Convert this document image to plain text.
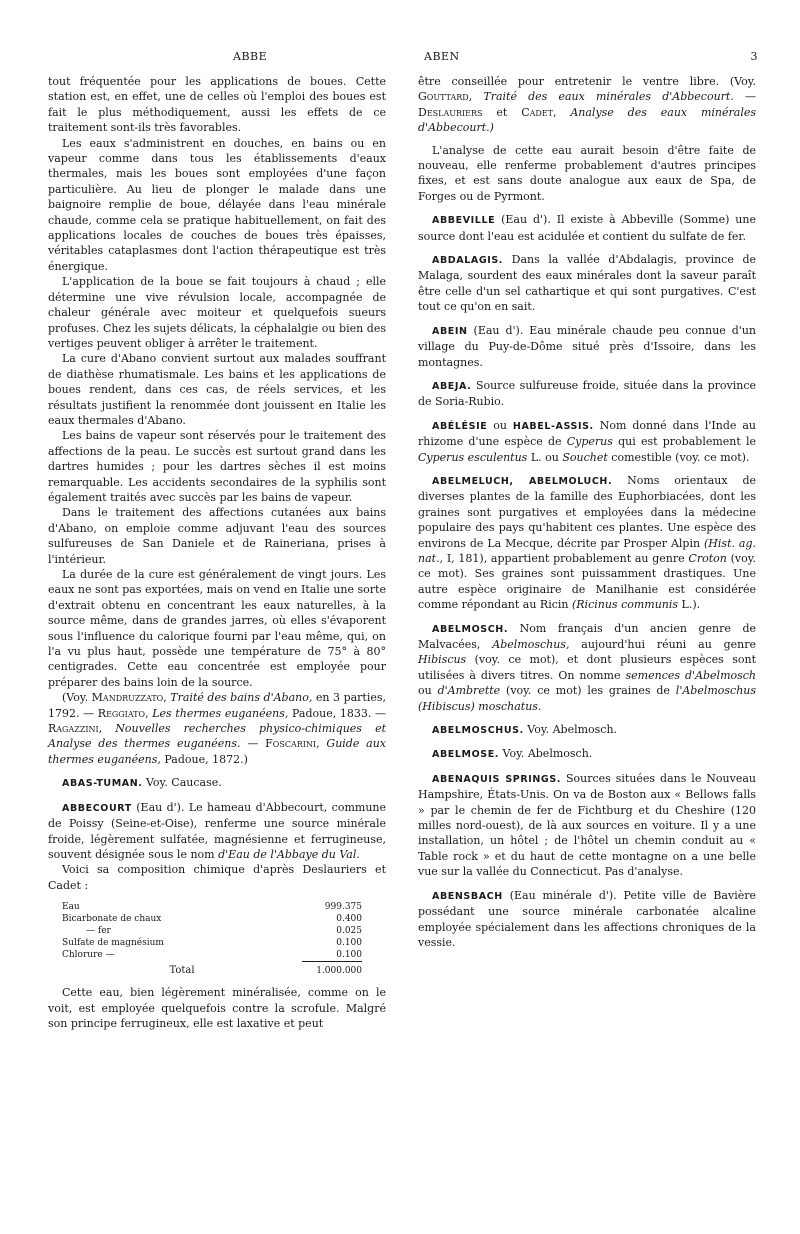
ABBE	ABEN	3

tout fréquentée pour les applications de boues. Cette station est, en effet, une de celles où l'emploi des boues est fait le plus méthodiquement, aussi les effets de ce traitement sont-ils très favorables.

Les eaux s'administrent en douches, en bains ou en vapeur comme dans tous les établissements d'eaux thermales, mais les boues sont employées d'une façon particulière. Au lieu de plonger le malade dans une baignoire remplie de boue, délayée dans l'eau minérale chaude, comme cela se pratique habituellement, on fait des applications locales de couches de boues très épaisses, véritables cataplasmes dont l'action thérapeutique est très énergique.

L'application de la boue se fait toujours à chaud ; elle détermine une vive révulsion locale, accompagnée de chaleur générale avec moiteur et quelquefois sueurs profuses. Chez les sujets délicats, la céphalalgie ou bien des vertiges peuvent obliger à arrêter le traitement.

La cure d'Abano convient surtout aux malades souffrant de diathèse rhumatismale. Les bains et les applications de boues rendent, dans ces cas, de réels services, et les résultats justifient la renommée dont jouissent en Italie les eaux thermales d'Abano.

Les bains de vapeur sont réservés pour le traitement des affections de la peau. Le succès est surtout grand dans les dartres humides ; pour les dartres sèches il est moins remarquable. Les accidents secondaires de la syphilis sont également traités avec succès par les bains de vapeur.

Dans le traitement des affections cutanées aux bains d'Abano, on emploie comme adjuvant l'eau des sources sulfureuses de San Daniele et de Raineriana, prises à l'intérieur.

La durée de la cure est généralement de vingt jours. Les eaux ne sont pas exportées, mais on vend en Italie une sorte d'extrait obtenu en concentrant les eaux naturelles, à la source même, dans de grandes jarres, où elles s'évaporent sous l'influence du calorique fourni par l'eau même, qui, on l'a vu plus haut, possède une température de 75° à 80° centigrades. Cette eau concentrée est employée pour préparer des bains loin de la source.

(Voy. Mandruzzato, Traité des bains d'Abano, en 3 parties, 1792. — Reggiato, Les thermes euganéens, Padoue, 1833. — Ragazzini, Nouvelles recherches physico-chimiques et Analyse des thermes euganéens. — Foscarini, Guide aux thermes euganéens, Padoue, 1872.)

ABAS-TUMAN. Voy. Caucase.

ABBECOURT (Eau d'). Le hameau d'Abbecourt, commune de Poissy (Seine-et-Oise), renferme une source minérale froide, légèrement sulfatée, magnésienne et ferrugineuse, souvent désignée sous le nom d'Eau de l'Abbaye du Val.

Voici sa composition chimique d'après Deslauriers et Cadet :

Eau	999.375
Bicarbonate de chaux	0.400
— fer	0.025
Sulfate de magnésium	0.100
Chlorure —	0.100
Total	1.000.000

Cette eau, bien légèrement minéralisée, comme on le voit, est employée quelquefois contre la scrofule. Malgré son principe ferrugineux, elle est laxative et peut

être conseillée pour entretenir le ventre libre. (Voy. Gouttard, Traité des eaux minérales d'Abbecourt. — Deslauriers et Cadet, Analyse des eaux minérales d'Abbecourt.)

L'analyse de cette eau aurait besoin d'être faite de nouveau, elle renferme probablement d'autres principes fixes, et est sans doute analogue aux eaux de Spa, de Forges ou de Pyrmont.

ABBEVILLE (Eau d'). Il existe à Abbeville (Somme) une source dont l'eau est acidulée et contient du sulfate de fer.

ABDALAGIS. Dans la vallée d'Abdalagis, province de Malaga, sourdent des eaux minérales dont la saveur paraît être celle d'un sel cathartique et qui sont purgatives. C'est tout ce qu'on en sait.

ABEIN (Eau d'). Eau minérale chaude peu connue d'un village du Puy-de-Dôme situé près d'Issoire, dans les montagnes.

ABEJA. Source sulfureuse froide, située dans la province de Soria-Rubio.

ABÉLÉSIE ou HABEL-ASSIS. Nom donné dans l'Inde au rhizome d'une espèce de Cyperus qui est probablement le Cyperus esculentus L. ou Souchet comestible (voy. ce mot).

ABELMELUCH, ABELMOLUCH. Noms orientaux de diverses plantes de la famille des Euphorbiacées, dont les graines sont purgatives et employées dans la médecine populaire des pays qu'habitent ces plantes. Une espèce des environs de La Mecque, décrite par Prosper Alpin (Hist. ag. nat., I, 181), appartient probablement au genre Croton (voy. ce mot). Ses graines sont puissamment drastiques. Une autre espèce originaire de Manilhanie est considérée comme répondant au Ricin (Ricinus communis L.).

ABELMOSCH. Nom français d'un ancien genre de Malvacées, Abelmoschus, aujourd'hui réuni au genre Hibiscus (voy. ce mot), et dont plusieurs espèces sont utilisées à divers titres. On nomme semences d'Abelmosch ou d'Ambrette (voy. ce mot) les graines de l'Abelmoschus (Hibiscus) moschatus.

ABELMOSCHUS. Voy. Abelmosch.

ABELMOSE. Voy. Abelmosch.

ABENAQUIS SPRINGS. Sources situées dans le Nouveau Hampshire, États-Unis. On va de Boston aux « Bellows falls » par le chemin de fer de Fichtburg et du Cheshire (120 milles nord-ouest), de là aux sources en voiture. Il y a une installation, un hôtel ; de l'hôtel un chemin conduit au « Table rock » et du haut de cette montagne on a une belle vue sur la vallée du Connecticut. Pas d'analyse.

ABENSBACH (Eau minérale d'). Petite ville de Bavière possédant une source minérale carbonatée alcaline employée spécialement dans les affections chroniques de la vessie.
